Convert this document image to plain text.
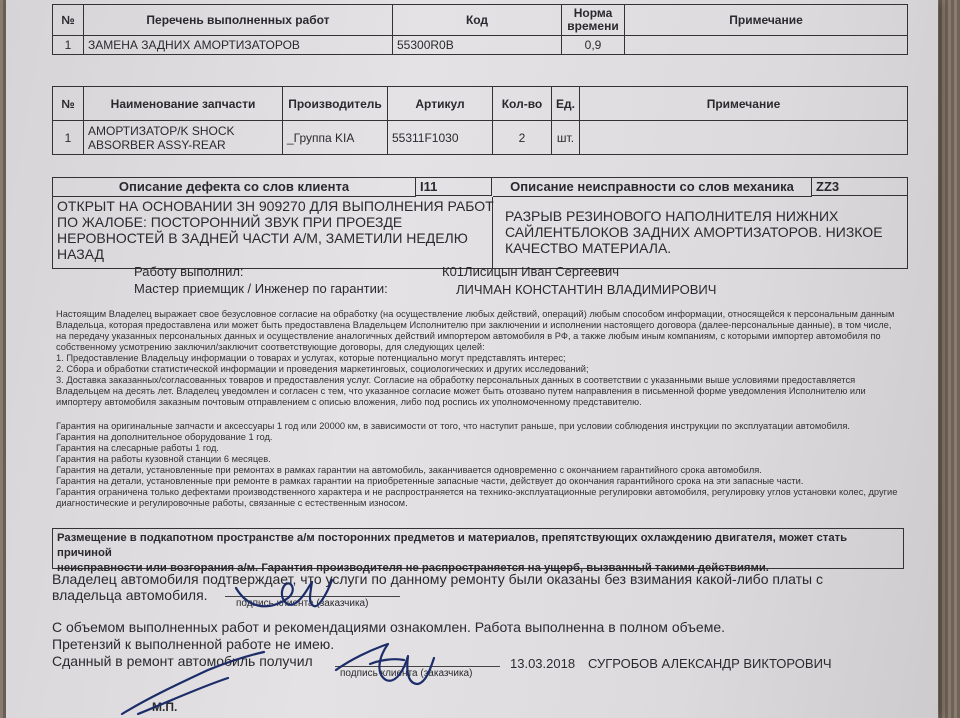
№	Перечень выполненных работ	Код	Норма времени	Примечание
1	ЗАМЕНА ЗАДНИХ АМОРТИЗАТОРОВ	55300R0B	0,9	
№	Наименование запчасти	Производитель	Артикул	Кол-во	Ед.	Примечание
1	АМОРТИЗАТОР/K SHOCK ABSORBER ASSY-REAR	_Группа KIA	55311F1030	2	шт.	
Описание дефекта со слов клиента	I11	Описание неисправности со слов механика	ZZ3
ОТКРЫТ НА ОСНОВАНИИ ЗН 909270 ДЛЯ ВЫПОЛНЕНИЯ РАБОТ
ПО ЖАЛОБЕ: ПОСТОРОННИЙ ЗВУК ПРИ ПРОЕЗДЕ
НЕРОВНОСТЕЙ В ЗАДНЕЙ ЧАСТИ А/М, ЗАМЕТИЛИ НЕДЕЛЮ
НАЗАД
РАЗРЫВ РЕЗИНОВОГО НАПОЛНИТЕЛЯ НИЖНИХ
САЙЛЕНТБЛОКОВ ЗАДНИХ АМОРТИЗАТОРОВ. НИЗКОЕ
КАЧЕСТВО МАТЕРИАЛА.
Работу выполнил:	К01Лисицын Иван Сергеевич
Мастер приемщик / Инженер по гарантии:	ЛИЧМАН КОНСТАНТИН ВЛАДИМИРОВИЧ
Настоящим Владелец выражает свое безусловное согласие на обработку (на осуществление любых действий, операций) любым способом информации, относящейся к персональным данным
Владельца, которая предоставлена или может быть предоставлена Владельцем Исполнителю при заключении и исполнении настоящего договора (далее-персональные данные), в том числе,
на передачу указанных персональных данных и осуществление аналогичных действий импортером автомобиля в РФ, а также любым иным компаниям, с которыми импортер автомобиля по
собственному усмотрению заключил/заключит соответствующие договоры, для следующих целей:
1. Предоставление Владельцу информации о товарах и услугах, которые потенциально могут представлять интерес;
2. Сбора и обработки статистической информации и проведения маркетинговых, социологических и других исследований;
3. Доставка заказанных/согласованных товаров и предоставления услуг. Согласие на обработку персональных данных в соответствии с указанными выше условиями предоставляется
Владельцем на десять лет. Владелец уведомлен и согласен с тем, что указанное согласие может быть отозвано путем направления в письменной форме уведомления Исполнителю или
импортеру автомобиля заказным почтовым отправлением с описью вложения, либо под роспись их уполномоченному представителю.
Гарантия на оригинальные запчасти и аксессуары 1 год или 20000 км, в зависимости от того, что наступит раньше, при условии соблюдения инструкции по эксплуатации автомобиля.
Гарантия на дополнительное оборудование 1 год.
Гарантия на слесарные работы 1 год.
Гарантия на работы кузовной станции 6 месяцев.
Гарантия на детали, установленные при ремонтах в рамках гарантии на автомобиль, заканчивается одновременно с окончанием гарантийного срока автомобиля.
Гарантия на детали, установленные при ремонте в рамках гарантии на приобретенные запасные части, действует до окончания гарантийного срока на эти запасные части.
Гарантия ограничена только дефектами производственного характера и не распространяется на технико-эксплуатационные регулировки автомобиля, регулировку углов установки колес, другие
диагностические и регулировочные работы, связанные с естественным износом.
Размещение в подкапотном пространстве а/м посторонних предметов и материалов, препятствующих охлаждению двигателя, может стать причиной
неисправности или возгорания а/м. Гарантия производителя не распространяется на ущерб, вызванный такими действиями.
Владелец автомобиля подтверждает, что услуги по данному ремонту были оказаны без взимания какой-либо платы с
владельца автомобиля.
подпись клиента (заказчика)
С объемом выполненных работ и рекомендациями ознакомлен. Работа выполненна в полном объеме.
Претензий к выполненной работе не имею.
Сданный в ремонт автомобиль получил
подпись клиента (заказчика)
13.03.2018 СУГРОБОВ АЛЕКСАНДР ВИКТОРОВИЧ
М.П.
